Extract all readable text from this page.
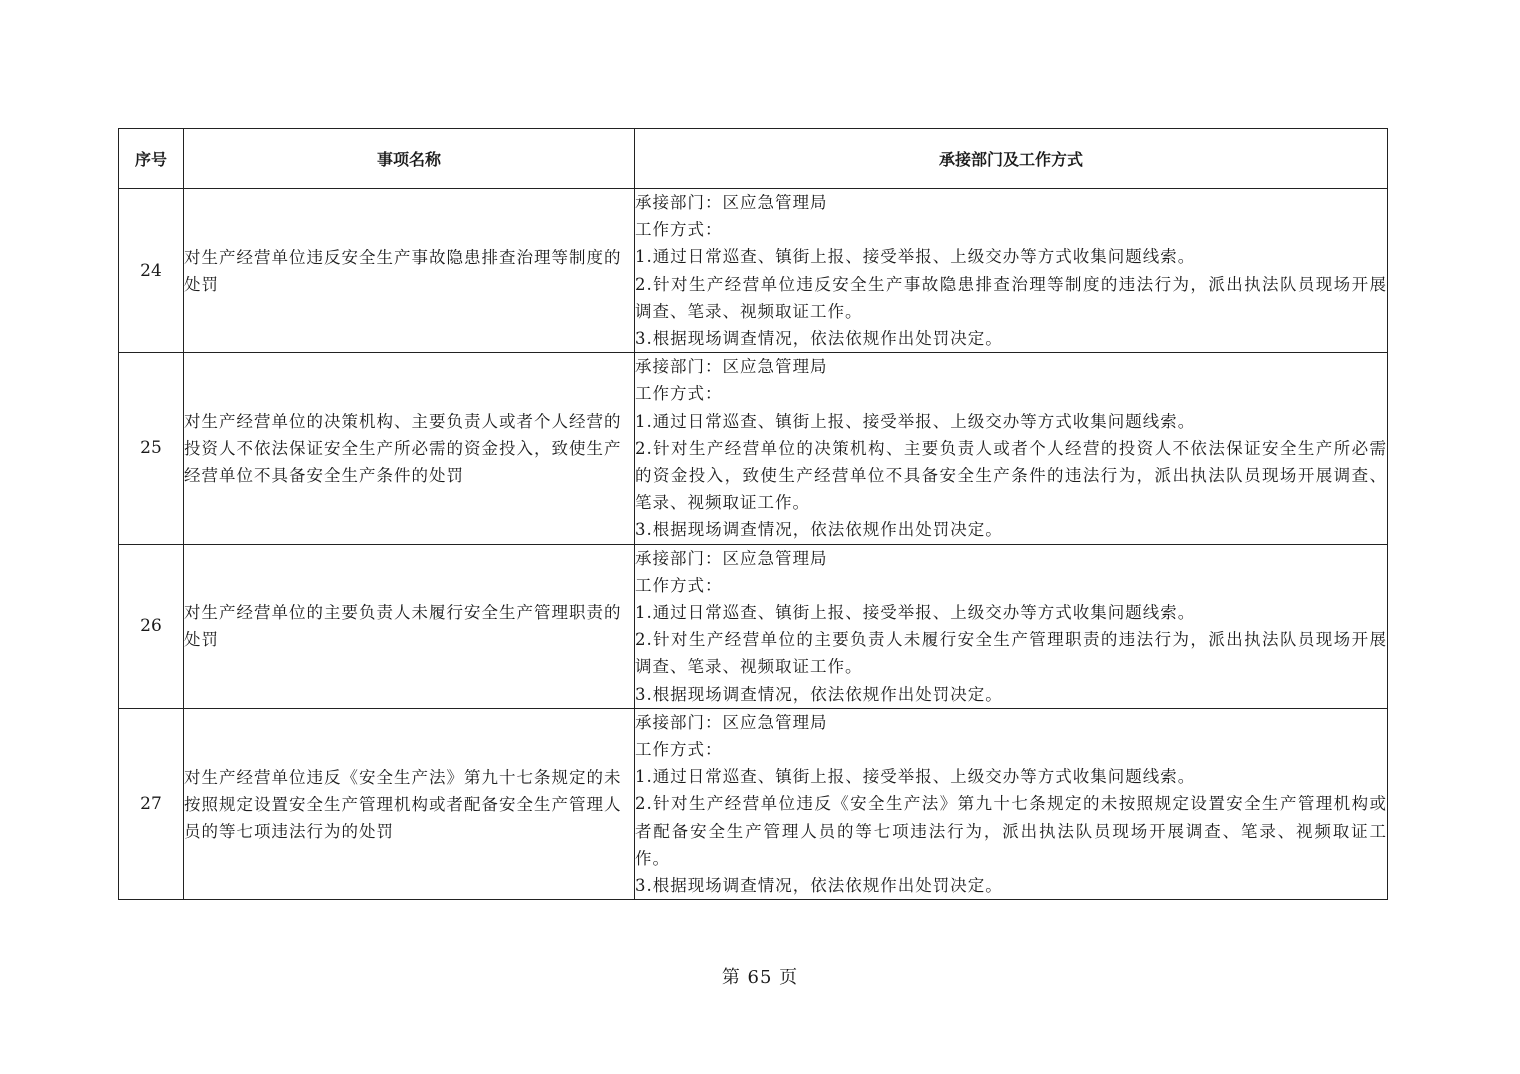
序号	事项名称	承接部门及工作方式
24	对生产经营单位违反安全生产事故隐患排查治理等制度的处罚	承接部门：区应急管理局
工作方式：
1.通过日常巡查、镇街上报、接受举报、上级交办等方式收集问题线索。
2.针对生产经营单位违反安全生产事故隐患排查治理等制度的违法行为，派出执法队员现场开展调查、笔录、视频取证工作。
3.根据现场调查情况，依法依规作出处罚决定。

25	对生产经营单位的决策机构、主要负责人或者个人经营的投资人不依法保证安全生产所必需的资金投入，致使生产经营单位不具备安全生产条件的处罚	承接部门：区应急管理局
工作方式：
1.通过日常巡查、镇街上报、接受举报、上级交办等方式收集问题线索。
2.针对生产经营单位的决策机构、主要负责人或者个人经营的投资人不依法保证安全生产所必需的资金投入，致使生产经营单位不具备安全生产条件的违法行为，派出执法队员现场开展调查、笔录、视频取证工作。
3.根据现场调查情况，依法依规作出处罚决定。

26	对生产经营单位的主要负责人未履行安全生产管理职责的处罚	承接部门：区应急管理局
工作方式：
1.通过日常巡查、镇街上报、接受举报、上级交办等方式收集问题线索。
2.针对生产经营单位的主要负责人未履行安全生产管理职责的违法行为，派出执法队员现场开展调查、笔录、视频取证工作。
3.根据现场调查情况，依法依规作出处罚决定。

27	对生产经营单位违反《安全生产法》第九十七条规定的未按照规定设置安全生产管理机构或者配备安全生产管理人员的等七项违法行为的处罚	承接部门：区应急管理局
工作方式：
1.通过日常巡查、镇街上报、接受举报、上级交办等方式收集问题线索。
2.针对生产经营单位违反《安全生产法》第九十七条规定的未按照规定设置安全生产管理机构或者配备安全生产管理人员的等七项违法行为，派出执法队员现场开展调查、笔录、视频取证工作。
3.根据现场调查情况，依法依规作出处罚决定。
第 65 页
